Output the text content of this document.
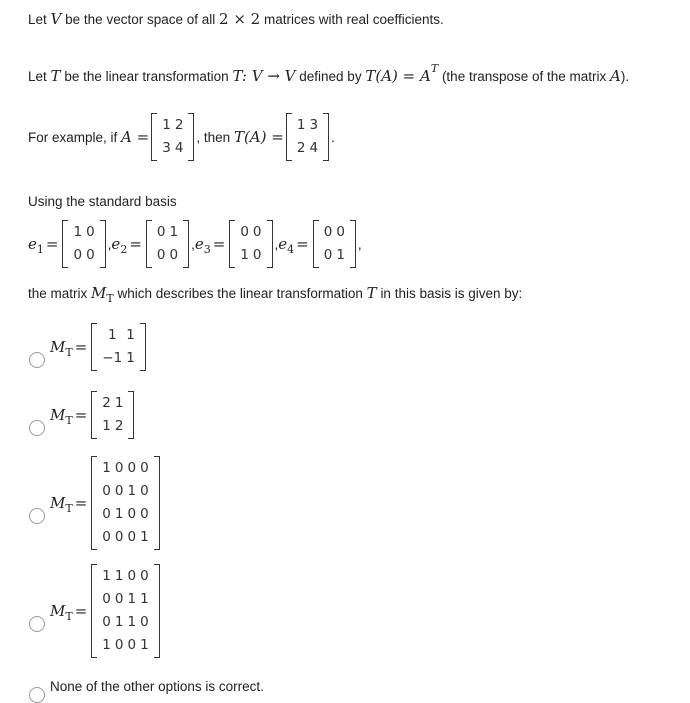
Let
V
be the vector space of all
2 × 2
matrices with real coefficients.
Let
T
be the linear transformation
T: V → V
defined by
T(A) = A T

(the transpose of the matrix
A ).
For example, if
A =
1 2
3 4
, then
T(A) =
1 3
2 4
.
Using the standard basis
e 1 =
1 0
0 0
, e 2 =
0 1
0 0
, e 3 =
0 0
1 0
, e 4 =
0 0
0 1
,
the matrix
M T
which describes the linear transformation
T
in this basis is given by:
M T =
1 1
−1 1
M T =
2 1
1 2
M T =
1 0 0 0
0 0 1 0
0 1 0 0
0 0 0 1
M T =
1 1 0 0
0 0 1 1
0 1 1 0
1 0 0 1
None of the other options is correct.
